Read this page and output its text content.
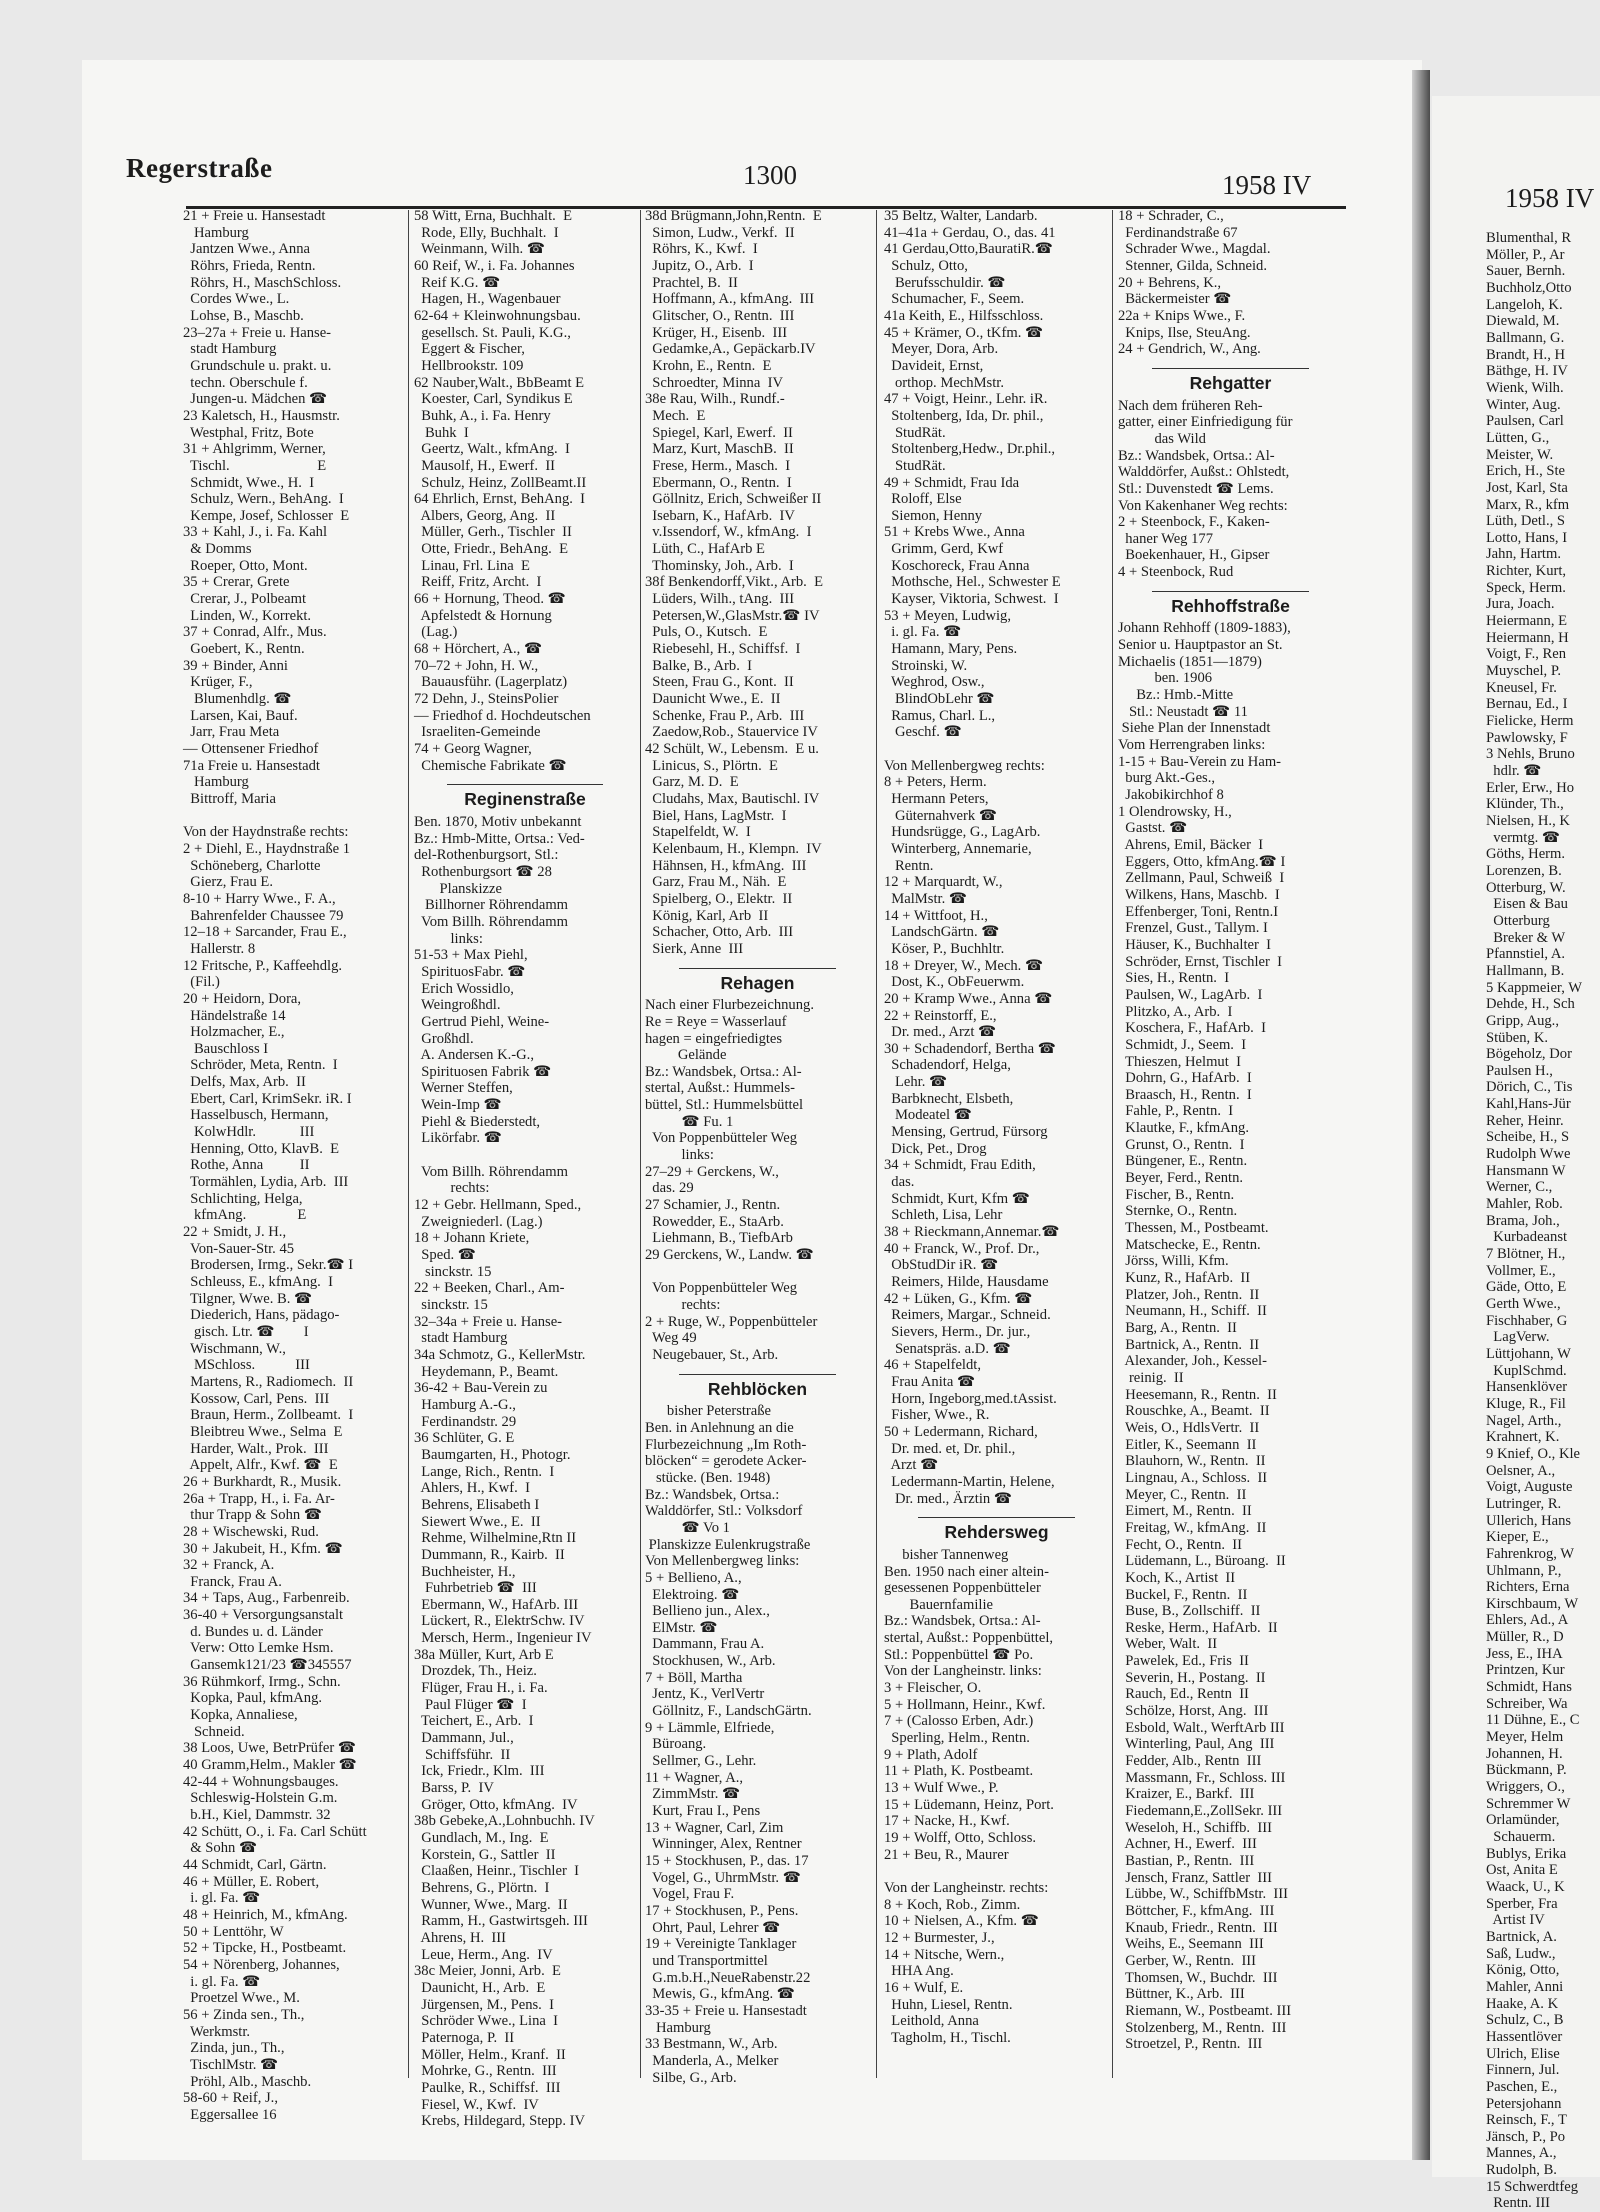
Regerstraße	1300	1958 IV	1958 IV
21 + Freie u. Hansestadt
Hamburg
Jantzen Wwe., Anna
Röhrs, Frieda, Rentn.
Röhrs, H., MaschSchloss.
Cordes Wwe., L.
Lohse, B., Maschb.
23–27a + Freie u. Hanse-
stadt Hamburg
Grundschule u. prakt. u.
techn. Oberschule f.
Jungen-u. Mädchen ☎
23 Kaletsch, H., Hausmstr.
Westphal, Fritz, Bote
31 + Ahlgrimm, Werner,
Tischl.                        E
Schmidt, Wwe., H.  I
Schulz, Wern., BehAng.  I
Kempe, Josef, Schlosser  E
33 + Kahl, J., i. Fa. Kahl
& Domms
Roeper, Otto, Mont.
35 + Crerar, Grete
Crerar, J., Polbeamt
Linden, W., Korrekt.
37 + Conrad, Alfr., Mus.
Goebert, K., Rentn.
39 + Binder, Anni
Krüger, F.,
Blumenhdlg. ☎
Larsen, Kai, Bauf.
Jarr, Frau Meta
— Ottensener Friedhof
71a Freie u. Hansestadt
Hamburg
Bittroff, Maria

Von der Haydnstraße rechts:
2 + Diehl, E., Haydnstraße 1
Schöneberg, Charlotte
Gierz, Frau E.
8-10 + Harry Wwe., F. A.,
Bahrenfelder Chaussee 79
12–18 + Sarcander, Frau E.,
Hallerstr. 8
12 Fritsche, P., Kaffeehdlg.
(Fil.)
20 + Heidorn, Dora,
Händelstraße 14
Holzmacher, E.,
Bauschloss I
Schröder, Meta, Rentn.  I
Delfs, Max, Arb.  II
Ebert, Carl, KrimSekr. iR. I
Hasselbusch, Hermann,
KolwHdlr.            III
Henning, Otto, KlavB.  E
Rothe, Anna          II
Tormählen, Lydia, Arb.  III
Schlichting, Helga,
kfmAng.              E
22 + Smidt, J. H.,
Von-Sauer-Str. 45
Brodersen, Irmg., Sekr.☎ I
Schleuss, E., kfmAng.  I
Tilgner, Wwe. B. ☎
Diederich, Hans, pädago-
gisch. Ltr. ☎        I
Wischmann, W.,
MSchloss.           III
Martens, R., Radiomech.  II
Kossow, Carl, Pens.  III
Braun, Herm., Zollbeamt.  I
Bleibtreu Wwe., Selma  E
Harder, Walt., Prok.  III
Appelt, Alfr., Kwf. ☎  E
26 + Burkhardt, R., Musik.
26a + Trapp, H., i. Fa. Ar-
thur Trapp & Sohn ☎
28 + Wischewski, Rud.
30 + Jakubeit, H., Kfm. ☎
32 + Franck, A.
Franck, Frau A.
34 + Taps, Aug., Farbenreib.
36-40 + Versorgungsanstalt
d. Bundes u. d. Länder
Verw: Otto Lemke Hsm.
Gansemk121/23 ☎345557
36 Rühmkorf, Irmg., Schn.
Kopka, Paul, kfmAng.
Kopka, Annaliese,
Schneid.
38 Loos, Uwe, BetrPrüfer ☎
40 Gramm,Helm., Makler ☎
42-44 + Wohnungsbauges.
Schleswig-Holstein G.m.
b.H., Kiel, Dammstr. 32
42 Schütt, O., i. Fa. Carl Schütt
& Sohn ☎
44 Schmidt, Carl, Gärtn.
46 + Müller, E. Robert,
i. gl. Fa. ☎
48 + Heinrich, M., kfmAng.
50 + Lenttöhr, W
52 + Tipcke, H., Postbeamt.
54 + Nörenberg, Johannes,
i. gl. Fa. ☎
Proetzel Wwe., M.
56 + Zinda sen., Th.,
Werkmstr.
Zinda, jun., Th.,
TischlMstr. ☎
Pröhl, Alb., Maschb.
58-60 + Reif, J.,
Eggersallee 16
58 Witt, Erna, Buchhalt.  E
Rode, Elly, Buchhalt.  I
Weinmann, Wilh. ☎
60 Reif, W., i. Fa. Johannes
Reif K.G. ☎
Hagen, H., Wagenbauer
62-64 + Kleinwohnungsbau.
gesellsch. St. Pauli, K.G.,
Eggert & Fischer,
Hellbrookstr. 109
62 Nauber,Walt., BbBeamt E
Koester, Carl, Syndikus E
Buhk, A., i. Fa. Henry
Buhk  I
Geertz, Walt., kfmAng.  I
Mausolf, H., Ewerf.  II
Schulz, Heinz, ZollBeamt.II
64 Ehrlich, Ernst, BehAng.  I
Albers, Georg, Ang.  II
Müller, Gerh., Tischler  II
Otte, Friedr., BehAng.  E
Linau, Frl. Lina  E
Reiff, Fritz, Archt.  I
66 + Hornung, Theod. ☎
Apfelstedt & Hornung
(Lag.)
68 + Hörchert, A., ☎
70–72 + John, H. W.,
Bauausführ. (Lagerplatz)
72 Dehn, J., SteinsPolier
— Friedhof d. Hochdeutschen
Israeliten-Gemeinde
74 + Georg Wagner,
Chemische Fabrikate ☎
Reginenstraße
Ben. 1870, Motiv unbekannt
Bz.: Hmb-Mitte, Ortsa.: Ved-
del-Rothenburgsort, Stl.:
Rothenburgsort ☎ 28
Planskizze
Billhorner Röhrendamm
Vom Billh. Röhrendamm
links:
51-53 + Max Piehl,
SpirituosFabr. ☎
Erich Wossidlo,
Weingroßhdl.
Gertrud Piehl, Weine-
Großhdl.
A. Andersen K.-G.,
Spirituosen Fabrik ☎
Werner Steffen,
Wein-Imp ☎
Piehl & Biederstedt,
Likörfabr. ☎

Vom Billh. Röhrendamm
rechts:
12 + Gebr. Hellmann, Sped.,
Zweigniederl. (Lag.)
18 + Johann Kriete,
Sped. ☎
sinckstr. 15
22 + Beeken, Charl., Am-
sinckstr. 15
32–34a + Freie u. Hanse-
stadt Hamburg
34a Schmotz, G., KellerMstr.
Heydemann, P., Beamt.
36-42 + Bau-Verein zu
Hamburg A.-G.,
Ferdinandstr. 29
36 Schlüter, G. E
Baumgarten, H., Photogr.
Lange, Rich., Rentn.  I
Ahlers, H., Kwf.  I
Behrens, Elisabeth I
Siewert Wwe., E.  II
Rehme, Wilhelmine,Rtn II
Dummann, R., Kairb.  II
Buchheister, H.,
Fuhrbetrieb ☎  III
Ebermann, W., HafArb. III
Lückert, R., ElektrSchw. IV
Mersch, Herm., Ingenieur IV
38a Müller, Kurt, Arb E
Drozdek, Th., Heiz.
Flüger, Frau H., i. Fa.
Paul Flüger ☎  I
Teichert, E., Arb.  I
Dammann, Jul.,
Schiffsführ.  II
Ick, Friedr., Klm.  III
Barss, P.  IV
Gröger, Otto, kfmAng.  IV
38b Gebeke,A.,Lohnbuchh. IV
Gundlach, M., Ing.  E
Korstein, G., Sattler  II
Claaßen, Heinr., Tischler  I
Behrens, G., Plörtn.  I
Wunner, Wwe., Marg.  II
Ramm, H., Gastwirtsgeh. III
Ahrens, H.  III
Leue, Herm., Ang.  IV
38c Meier, Jonni, Arb.  E
Daunicht, H., Arb.  E
Jürgensen, M., Pens.  I
Schröder Wwe., Lina  I
Paternoga, P.  II
Möller, Helm., Kranf.  II
Mohrke, G., Rentn.  III
Paulke, R., Schiffsf.  III
Fiesel, W., Kwf.  IV
Krebs, Hildegard, Stepp. IV
38d Brügmann,John,Rentn.  E
Simon, Ludw., Verkf.  II
Röhrs, K., Kwf.  I
Jupitz, O., Arb.  I
Prachtel, B.  II
Hoffmann, A., kfmAng.  III
Glitscher, O., Rentn.  III
Krüger, H., Eisenb.  III
Gedamke,A., Gepäckarb.IV
Krohn, E., Rentn.  E
Schroedter, Minna  IV
38e Rau, Wilh., Rundf.-
Mech.  E
Spiegel, Karl, Ewerf.  II
Marz, Kurt, MaschB.  II
Frese, Herm., Masch.  I
Ebermann, O., Rentn.  I
Göllnitz, Erich, Schweißer II
Isebarn, K., HafArb.  IV
v.Issendorf, W., kfmAng.  I
Lüth, C., HafArb E
Thominsky, Joh., Arb.  I
38f Benkendorff,Vikt., Arb.  E
Lüders, Wilh., tAng.  III
Petersen,W.,GlasMstr.☎ IV
Puls, O., Kutsch.  E
Riebesehl, H., Schiffsf.  I
Balke, B., Arb.  I
Steen, Frau G., Kont.  II
Daunicht Wwe., E.  II
Schenke, Frau P., Arb.  III
Zaedow,Rob., Stauervice IV
42 Schült, W., Lebensm.  E u.
Linicus, S., Plörtn.  E
Garz, M. D.  E
Cludahs, Max, Bautischl. IV
Biel, Hans, LagMstr.  I
Stapelfeldt, W.  I
Kelenbaum, H., Klempn.  IV
Hähnsen, H., kfmAng.  III
Garz, Frau M., Näh.  E
Spielberg, O., Elektr.  II
König, Karl, Arb  II
Schacher, Otto, Arb.  III
Sierk, Anne  III
Rehagen
Nach einer Flurbezeichnung.
Re = Reye = Wasserlauf
hagen = eingefriedigtes
Gelände
Bz.: Wandsbek, Ortsa.: Al-
stertal, Außst.: Hummels-
büttel, Stl.: Hummelsbüttel
☎ Fu. 1
Von Poppenbütteler Weg
links:
27–29 + Gerckens, W.,
das. 29
27 Schamier, J., Rentn.
Rowedder, E., StaArb.
Liehmann, B., TiefbArb
29 Gerckens, W., Landw. ☎

Von Poppenbütteler Weg
rechts:
2 + Ruge, W., Poppenbütteler
Weg 49
Neugebauer, St., Arb.
Rehblöcken
bisher Peterstraße
Ben. in Anlehnung an die
Flurbezeichnung „Im Roth-
blöcken“ = gerodete Acker-
stücke. (Ben. 1948)
Bz.: Wandsbek, Ortsa.:
Walddörfer, Stl.: Volksdorf
☎ Vo 1
Planskizze Eulenkrugstraße
Von Mellenbergweg links:
5 + Bellieno, A.,
Elektroing. ☎
Bellieno jun., Alex.,
ElMstr. ☎
Dammann, Frau A.
Stockhusen, W., Arb.
7 + Böll, Martha
Jentz, K., VerlVertr
Göllnitz, F., LandschGärtn.
9 + Lämmle, Elfriede,
Büroang.
Sellmer, G., Lehr.
11 + Wagner, A.,
ZimmMstr. ☎
Kurt, Frau I., Pens
13 + Wagner, Carl, Zim
Winninger, Alex, Rentner
15 + Stockhusen, P., das. 17
Vogel, G., UhrmMstr. ☎
Vogel, Frau F.
17 + Stockhusen, P., Pens.
Ohrt, Paul, Lehrer ☎
19 + Vereinigte Tanklager
und Transportmittel
G.m.b.H.,NeueRabenstr.22
Mewis, G., kfmAng. ☎
33-35 + Freie u. Hansestadt
Hamburg
33 Bestmann, W., Arb.
Manderla, A., Melker
Silbe, G., Arb.
35 Beltz, Walter, Landarb.
41–41a + Gerdau, O., das. 41
41 Gerdau,Otto,BauratiR.☎
Schulz, Otto,
Berufsschuldir. ☎
Schumacher, F., Seem.
41a Keith, E., Hilfsschloss.
45 + Krämer, O., tKfm. ☎
Meyer, Dora, Arb.
Davideit, Ernst,
orthop. MechMstr.
47 + Voigt, Heinr., Lehr. iR.
Stoltenberg, Ida, Dr. phil.,
StudRät.
Stoltenberg,Hedw., Dr.phil.,
StudRät.
49 + Schmidt, Frau Ida
Roloff, Else
Siemon, Henny
51 + Krebs Wwe., Anna
Grimm, Gerd, Kwf
Koschoreck, Frau Anna
Mothsche, Hel., Schwester E
Kayser, Viktoria, Schwest.  I
53 + Meyen, Ludwig,
i. gl. Fa. ☎
Hamann, Mary, Pens.
Stroinski, W.
Weghrod, Osw.,
BlindObLehr ☎
Ramus, Charl. L.,
Geschf. ☎

Von Mellenbergweg rechts:
8 + Peters, Herm.
Hermann Peters,
Güternahverk ☎
Hundsrügge, G., LagArb.
Winterberg, Annemarie,
Rentn.
12 + Marquardt, W.,
MalMstr. ☎
14 + Wittfoot, H.,
LandschGärtn. ☎
Köser, P., Buchhltr.
18 + Dreyer, W., Mech. ☎
Dost, K., ObFeuerwm.
20 + Kramp Wwe., Anna ☎
22 + Reinstorff, E.,
Dr. med., Arzt ☎
30 + Schadendorf, Bertha ☎
Schadendorf, Helga,
Lehr. ☎
Barbknecht, Elsbeth,
Modeatel ☎
Mensing, Gertrud, Fürsorg
Dick, Pet., Drog
34 + Schmidt, Frau Edith,
das.
Schmidt, Kurt, Kfm ☎
Schleth, Lisa, Lehr
38 + Rieckmann,Annemar.☎
40 + Franck, W., Prof. Dr.,
ObStudDir iR. ☎
Reimers, Hilde, Hausdame
42 + Lüken, G., Kfm. ☎
Reimers, Margar., Schneid.
Sievers, Herm., Dr. jur.,
Senatspräs. a.D. ☎
46 + Stapelfeldt,
Frau Anita ☎
Horn, Ingeborg,med.tAssist.
Fisher, Wwe., R.
50 + Ledermann, Richard,
Dr. med. et, Dr. phil.,
Arzt ☎
Ledermann-Martin, Helene,
Dr. med., Ärztin ☎
Rehdersweg
bisher Tannenweg
Ben. 1950 nach einer altein-
gesessenen Poppenbütteler
Bauernfamilie
Bz.: Wandsbek, Ortsa.: Al-
stertal, Außst.: Poppenbüttel,
Stl.: Poppenbüttel ☎ Po.
Von der Langheinstr. links:
3 + Fleischer, O.
5 + Hollmann, Heinr., Kwf.
7 + (Calosso Erben, Adr.)
Sperling, Helm., Rentn.
9 + Plath, Adolf
11 + Plath, K. Postbeamt.
13 + Wulf Wwe., P.
15 + Lüdemann, Heinz, Port.
17 + Nacke, H., Kwf.
19 + Wolff, Otto, Schloss.
21 + Beu, R., Maurer

Von der Langheinstr. rechts:
8 + Koch, Rob., Zimm.
10 + Nielsen, A., Kfm. ☎
12 + Burmester, J.,
14 + Nitsche, Wern.,
HHA Ang.
16 + Wulf, E.
Huhn, Liesel, Rentn.
Leithold, Anna
Tagholm, H., Tischl.
18 + Schrader, C.,
Ferdinandstraße 67
Schrader Wwe., Magdal.
Stenner, Gilda, Schneid.
20 + Behrens, K.,
Bäckermeister ☎
22a + Knips Wwe., F.
Knips, Ilse, SteuAng.
24 + Gendrich, W., Ang.
Rehgatter
Nach dem früheren Reh-
gatter, einer Einfriedigung für
das Wild
Bz.: Wandsbek, Ortsa.: Al-
Walddörfer, Außst.: Ohlstedt,
Stl.: Duvenstedt ☎ Lems.
Von Kakenhaner Weg rechts:
2 + Steenbock, F., Kaken-
haner Weg 177
Boekenhauer, H., Gipser
4 + Steenbock, Rud
Rehhoffstraße
Johann Rehhoff (1809-1883),
Senior u. Hauptpastor an St.
Michaelis (1851—1879)
ben. 1906
Bz.: Hmb.-Mitte
Stl.: Neustadt ☎ 11
Siehe Plan der Innenstadt
Vom Herrengraben links:
1-15 + Bau-Verein zu Ham-
burg Akt.-Ges.,
Jakobikirchhof 8
1 Olendrowsky, H.,
Gastst. ☎
Ahrens, Emil, Bäcker  I
Eggers, Otto, kfmAng.☎ I
Zellmann, Paul, Schweiß  I
Wilkens, Hans, Maschb.  I
Effenberger, Toni, Rentn.I
Frenzel, Gust., Tallym. I
Häuser, K., Buchhalter  I
Schröder, Ernst, Tischler  I
Sies, H., Rentn.  I
Paulsen, W., LagArb.  I
Plitzko, A., Arb.  I
Koschera, F., HafArb.  I
Schmidt, J., Seem.  I
Thieszen, Helmut  I
Dohrn, G., HafArb.  I
Braasch, H., Rentn.  I
Fahle, P., Rentn.  I
Klautke, F., kfmAng.
Grunst, O., Rentn.  I
Büngener, E., Rentn.
Beyer, Ferd., Rentn.
Fischer, B., Rentn.
Sternke, O., Rentn.
Thessen, M., Postbeamt.
Matschecke, E., Rentn.
Jörss, Willi, Kfm.
Kunz, R., HafArb.  II
Platzer, Joh., Rentn.  II
Neumann, H., Schiff.  II
Barg, A., Rentn.  II
Bartnick, A., Rentn.  II
Alexander, Joh., Kessel-
reinig.  II
Heesemann, R., Rentn.  II
Rouschke, A., Beamt.  II
Weis, O., HdlsVertr.  II
Eitler, K., Seemann  II
Blauhorn, W., Rentn.  II
Lingnau, A., Schloss.  II
Meyer, C., Rentn.  II
Eimert, M., Rentn.  II
Freitag, W., kfmAng.  II
Fecht, O., Rentn.  II
Lüdemann, L., Büroang.  II
Koch, K., Artist  II
Buckel, F., Rentn.  II
Buse, B., Zollschiff.  II
Reske, Herm., HafArb.  II
Weber, Walt.  II
Pawelek, Ed., Fris  II
Severin, H., Postang.  II
Rauch, Ed., Rentn  II
Schölze, Horst, Ang.  III
Esbold, Walt., WerftArb III
Winterling, Paul, Ang  III
Fedder, Alb., Rentn  III
Massmann, Fr., Schloss. III
Kraizer, E., Barkf.  III
Fiedemann,E.,ZollSekr. III
Weseloh, H., Schiffb.  III
Achner, H., Ewerf.  III
Bastian, P., Rentn.  III
Jensch, Franz, Sattler  III
Lübbe, W., SchiffbMstr.  III
Böttcher, F., kfmAng.  III
Knaub, Friedr., Rentn.  III
Weihs, E., Seemann  III
Gerber, W., Rentn.  III
Thomsen, W., Buchdr.  III
Büttner, K., Arb.  III
Riemann, W., Postbeamt. III
Stolzenberg, M., Rentn.  III
Stroetzel, P., Rentn.  III
Blumenthal, R
Möller, P., Ar
Sauer, Bernh.
Buchholz,Otto
Langeloh, K.
Diewald, M.
Ballmann, G.
Brandt, H., H
Bäthge, H. IV
Wienk, Wilh.
Winter, Aug.
Paulsen, Carl
Lütten, G.,
Meister, W.
Erich, H., Ste
Jost, Karl, Sta
Marx, R., kfm
Lüth, Detl., S
Lotto, Hans, I
Jahn, Hartm.
Richter, Kurt,
Speck, Herm.
Jura, Joach.
Heiermann, E
Heiermann, H
Voigt, F., Ren
Muyschel, P.
Kneusel, Fr.
Bernau, Ed., I
Fielicke, Herm
Pawlowsky, F
3 Nehls, Bruno
hdlr. ☎
Erler, Erw., Ho
Klünder, Th.,
Nielsen, H., K
vermtg. ☎
Göths, Herm.
Lorenzen, B.
Otterburg, W.
Eisen & Bau
Otterburg
Breker & W
Pfannstiel, A.
Hallmann, B.
5 Kappmeier, W
Dehde, H., Sch
Gripp, Aug.,
Stüben, K.
Bögeholz, Dor
Paulsen H.,
Dörich, C., Tis
Kahl,Hans-Jür
Reher, Heinr.
Scheibe, H., S
Rudolph Wwe
Hansmann W
Werner, C.,
Mahler, Rob.
Brama, Joh.,
Kurbadeanst
7 Blötner, H.,
Vollmer, E.,
Gäde, Otto, E
Gerth Wwe.,
Fischhaber, G
LagVerw.
Lüttjohann, W
KuplSchmd.
Hansenklöver
Kluge, R., Fil
Nagel, Arth.,
Krahnert, K.
9 Knief, O., Kle
Oelsner, A.,
Voigt, Auguste
Lutringer, R.
Ullerich, Hans
Kieper, E.,
Fahrenkrog, W
Uhlmann, P.,
Richters, Erna
Kirschbaum, W
Ehlers, Ad., A
Müller, R., D
Jess, E., IHA
Printzen, Kur
Schmidt, Hans
Schreiber, Wa
11 Dühne, E., C
Meyer, Helm
Johannen, H.
Bückmann, P.
Wriggers, O.,
Schremmer W
Orlamünder,
Schauerm.
Bublys, Erika
Ost, Anita E
Waack, U., K
Sperber, Fra
Artist IV
Bartnick, A.
Saß, Ludw.,
König, Otto,
Mahler, Anni
Haake, A. K
Schulz, C., B
Hassentlöver
Ulrich, Elise
Finnern, Jul.
Paschen, E.,
Petersjohann
Reinsch, F., T
Jänsch, P., Po
Mannes, A.,
Rudolph, B.
15 Schwerdtfeg
Rentn. III
